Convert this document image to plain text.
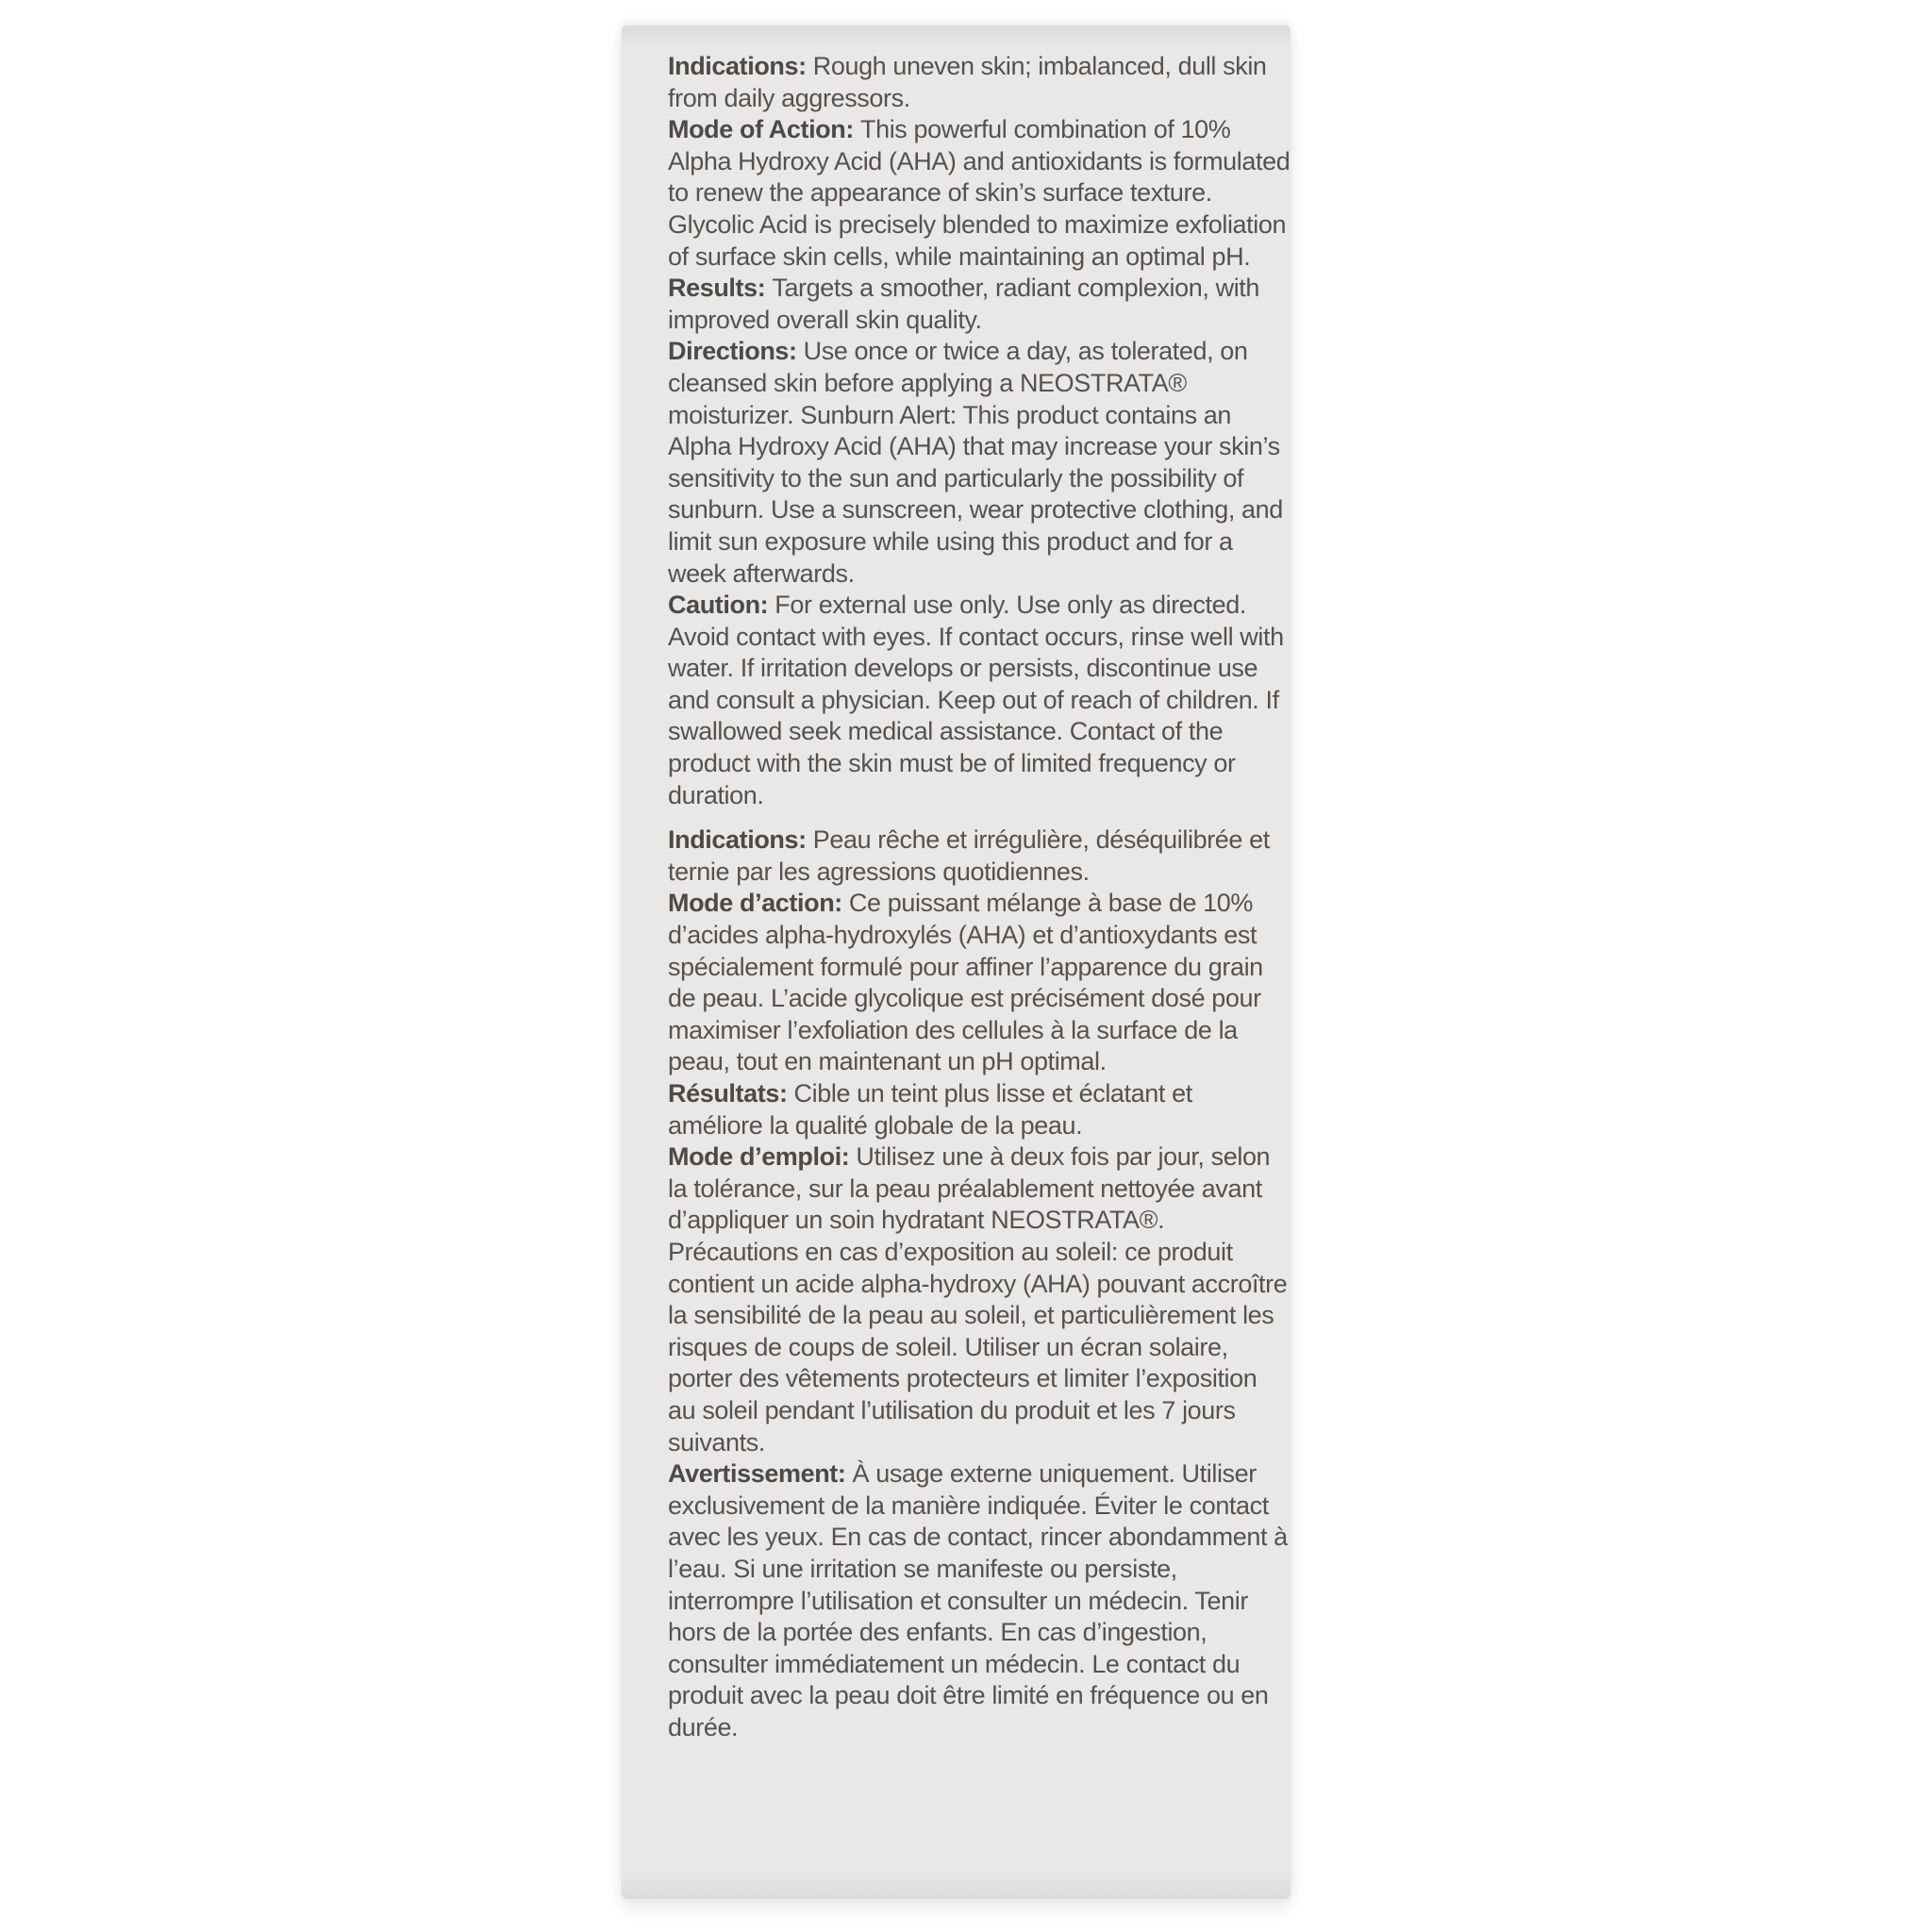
Indications: Rough uneven skin; imbalanced, dull skin from daily aggressors.

Mode of Action: This powerful combination of 10% Alpha Hydroxy Acid (AHA) and antioxidants is formulated to renew the appearance of skin’s surface texture. Glycolic Acid is precisely blended to maximize exfoliation of surface skin cells, while maintaining an optimal pH.

Results: Targets a smoother, radiant complexion, with improved overall skin quality.

Directions: Use once or twice a day, as tolerated, on cleansed skin before applying a NEOSTRATA® moisturizer. Sunburn Alert: This product contains an Alpha Hydroxy Acid (AHA) that may increase your skin’s sensitivity to the sun and particularly the possibility of sunburn. Use a sunscreen, wear protective clothing, and limit sun exposure while using this product and for a week afterwards.

Caution: For external use only. Use only as directed. Avoid contact with eyes. If contact occurs, rinse well with water. If irritation develops or persists, discontinue use and consult a physician. Keep out of reach of children. If swallowed seek medical assistance. Contact of the product with the skin must be of limited frequency or duration.

Indications: Peau rêche et irrégulière, déséquilibrée et ternie par les agressions quotidiennes.

Mode d’action: Ce puissant mélange à base de 10% d’acides alpha-hydroxylés (AHA) et d’antioxydants est spécialement formulé pour affiner l’apparence du grain de peau. L’acide glycolique est précisément dosé pour maximiser l’exfoliation des cellules à la surface de la peau, tout en maintenant un pH optimal.

Résultats: Cible un teint plus lisse et éclatant et améliore la qualité globale de la peau.

Mode d’emploi: Utilisez une à deux fois par jour, selon la tolérance, sur la peau préalablement nettoyée avant d’appliquer un soin hydratant NEOSTRATA®. Précautions en cas d’exposition au soleil: ce produit contient un acide alpha-hydroxy (AHA) pouvant accroître la sensibilité de la peau au soleil, et particulièrement les risques de coups de soleil. Utiliser un écran solaire, porter des vêtements protecteurs et limiter l’exposition au soleil pendant l’utilisation du produit et les 7 jours suivants.

Avertissement: À usage externe uniquement. Utiliser exclusivement de la manière indiquée. Éviter le contact avec les yeux. En cas de contact, rincer abondamment à l’eau. Si une irritation se manifeste ou persiste, interrompre l’utilisation et consulter un médecin. Tenir hors de la portée des enfants. En cas d’ingestion, consulter immédiatement un médecin. Le contact du produit avec la peau doit être limité en fréquence ou en durée.
